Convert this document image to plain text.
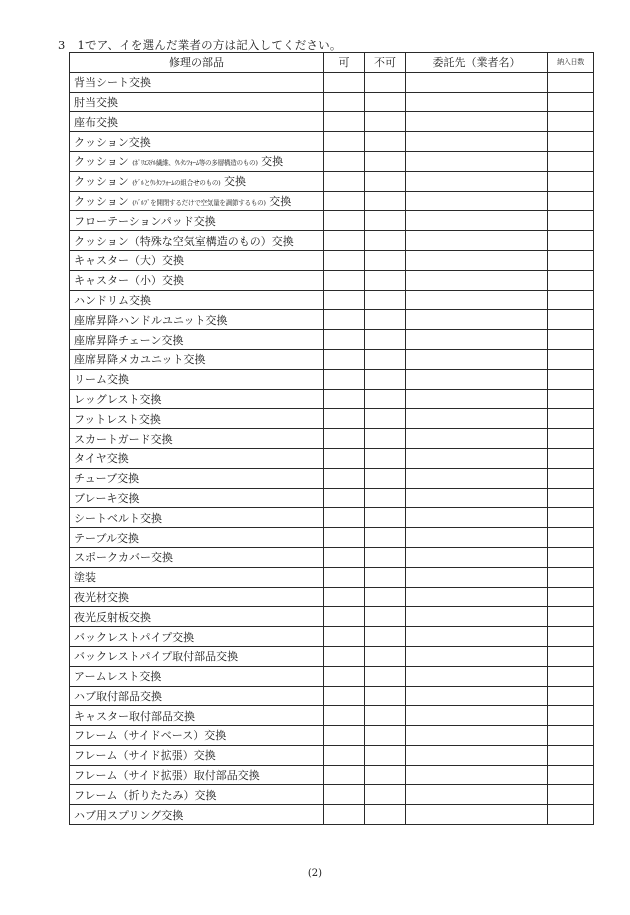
3 1でア、イを選んだ業者の方は記入してください。
修理の部品	可	不可	委託先（業者名）	納入日数
背当シート交換				
肘当交換				
座布交換				
クッション交換				
クッション (ﾎﾟﾘｴｽﾃﾙ繊維、ｳﾚﾀﾝﾌｫｰﾑ等の多層構造のもの) 交換				
クッション (ｹﾞﾙとｳﾚﾀﾝﾌｫｰﾑの組合せのもの) 交換				
クッション (ﾊﾞﾙﾌﾞを開閉するだけで空気量を調節するもの) 交換				
フローテーションパッド交換				
クッション（特殊な空気室構造のもの）交換				
キャスター（大）交換				
キャスター（小）交換				
ハンドリム交換				
座席昇降ハンドルユニット交換				
座席昇降チェーン交換				
座席昇降メカユニット交換				
リーム交換				
レッグレスト交換				
フットレスト交換				
スカートガード交換				
タイヤ交換				
チューブ交換				
ブレーキ交換				
シートベルト交換				
テーブル交換				
スポークカバー交換				
塗装				
夜光材交換				
夜光反射板交換				
バックレストパイプ交換				
バックレストパイプ取付部品交換				
アームレスト交換				
ハブ取付部品交換				
キャスター取付部品交換				
フレーム（サイドベース）交換				
フレーム（サイド拡張）交換				
フレーム（サイド拡張）取付部品交換				
フレーム（折りたたみ）交換				
ハブ用スプリング交換				
(2)
